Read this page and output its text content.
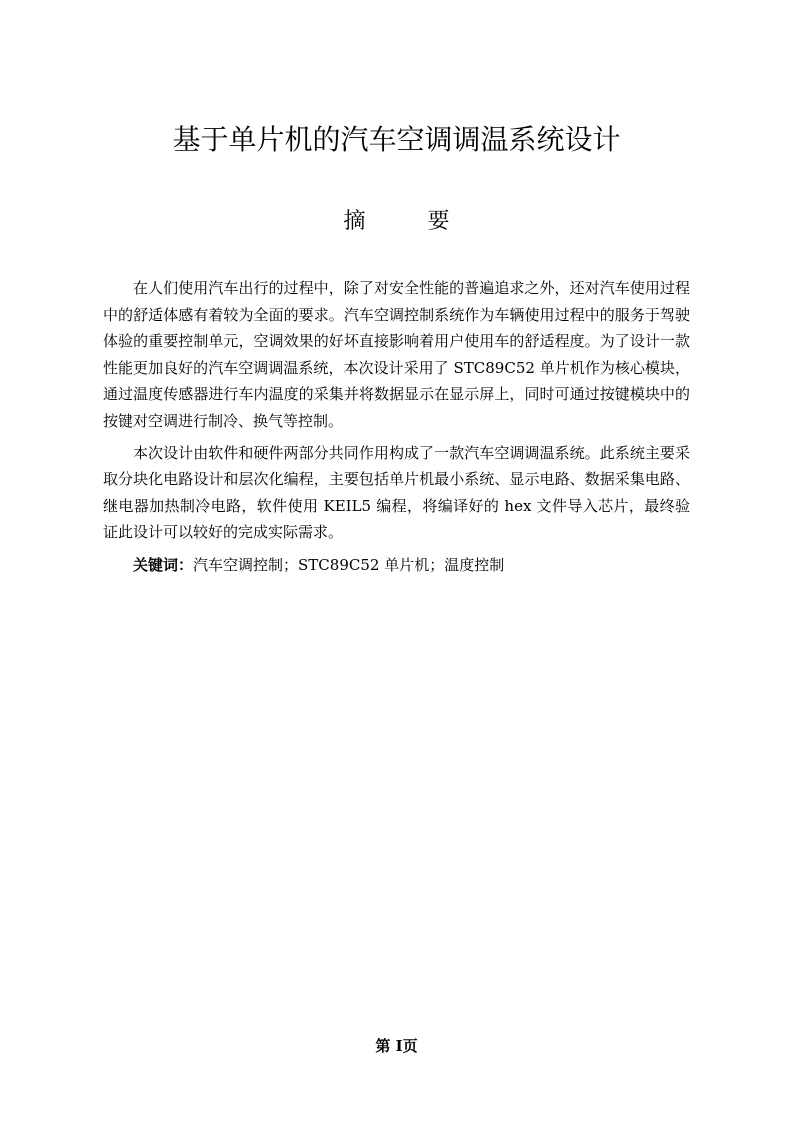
基于单片机的汽车空调调温系统设计
摘 要

在人们使用汽车出行的过程中，除了对安全性能的普遍追求之外，还对汽车使用过程中的舒适体感有着较为全面的要求。汽车空调控制系统作为车辆使用过程中的服务于驾驶体验的重要控制单元，空调效果的好坏直接影响着用户使用车的舒适程度。为了设计一款性能更加良好的汽车空调调温系统，本次设计采用了 STC89C52 单片机作为核心模块，通过温度传感器进行车内温度的采集并将数据显示在显示屏上，同时可通过按键模块中的按键对空调进行制冷、换气等控制。

本次设计由软件和硬件两部分共同作用构成了一款汽车空调调温系统。此系统主要采取分块化电路设计和层次化编程，主要包括单片机最小系统、显示电路、数据采集电路、继电器加热制冷电路，软件使用 KEIL5 编程，将编译好的 hex 文件导入芯片，最终验证此设计可以较好的完成实际需求。

关键词：汽车空调控制；STC89C52 单片机；温度控制

第 I页
